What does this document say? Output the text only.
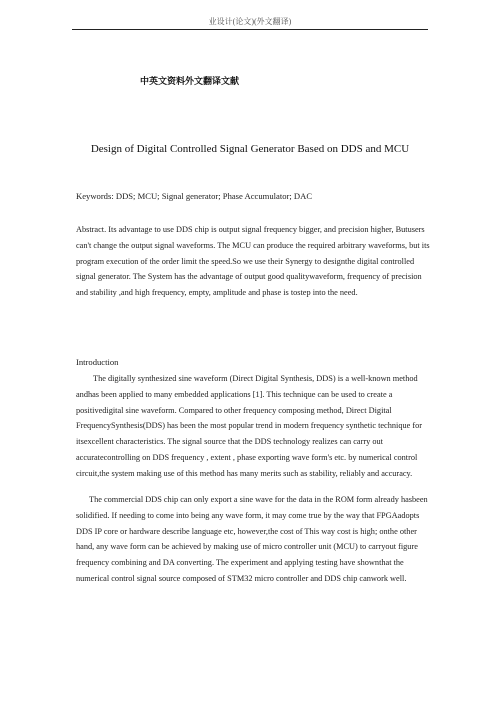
业设计(论文)(外文翻译)
中英文资料外文翻译文献
Design of Digital Controlled Signal Generator Based on DDS and MCU
Keywords: DDS; MCU; Signal generator; Phase Accumulator; DAC
Abstract. Its advantage to use DDS chip is output signal frequency bigger, and precision higher, Butusers can't change the output signal waveforms. The MCU can produce the required arbitrary waveforms, but its program execution of the order limit the speed.So we use their Synergy to designthe digital controlled signal generator. The System has the advantage of output good qualitywaveform, frequency of precision and stability ,and high frequency, empty, amplitude and phase is tostep into the need.
Introduction
The digitally synthesized sine waveform (Direct Digital Synthesis, DDS) is a well-known method andhas been applied to many embedded applications [1]. This technique can be used to create a positivedigital sine waveform. Compared to other frequency composing method, Direct Digital FrequencySynthesis(DDS) has been the most popular trend in modern frequency synthetic technique for itsexcellent characteristics. The signal source that the DDS technology realizes can carry out accuratecontrolling on DDS frequency , extent , phase exporting wave form's etc. by numerical control circuit,the system making use of this method has many merits such as stability, reliably and accuracy.
The commercial DDS chip can only export a sine wave for the data in the ROM form already hasbeen solidified. If needing to come into being any wave form, it may come true by the way that FPGAadopts DDS IP core or hardware describe language etc, however,the cost of This way cost is high; onthe other hand, any wave form can be achieved by making use of micro controller unit (MCU) to carryout figure frequency combining and DA converting. The experiment and applying testing have shownthat the numerical control signal source composed of STM32 micro controller and DDS chip canwork well.
